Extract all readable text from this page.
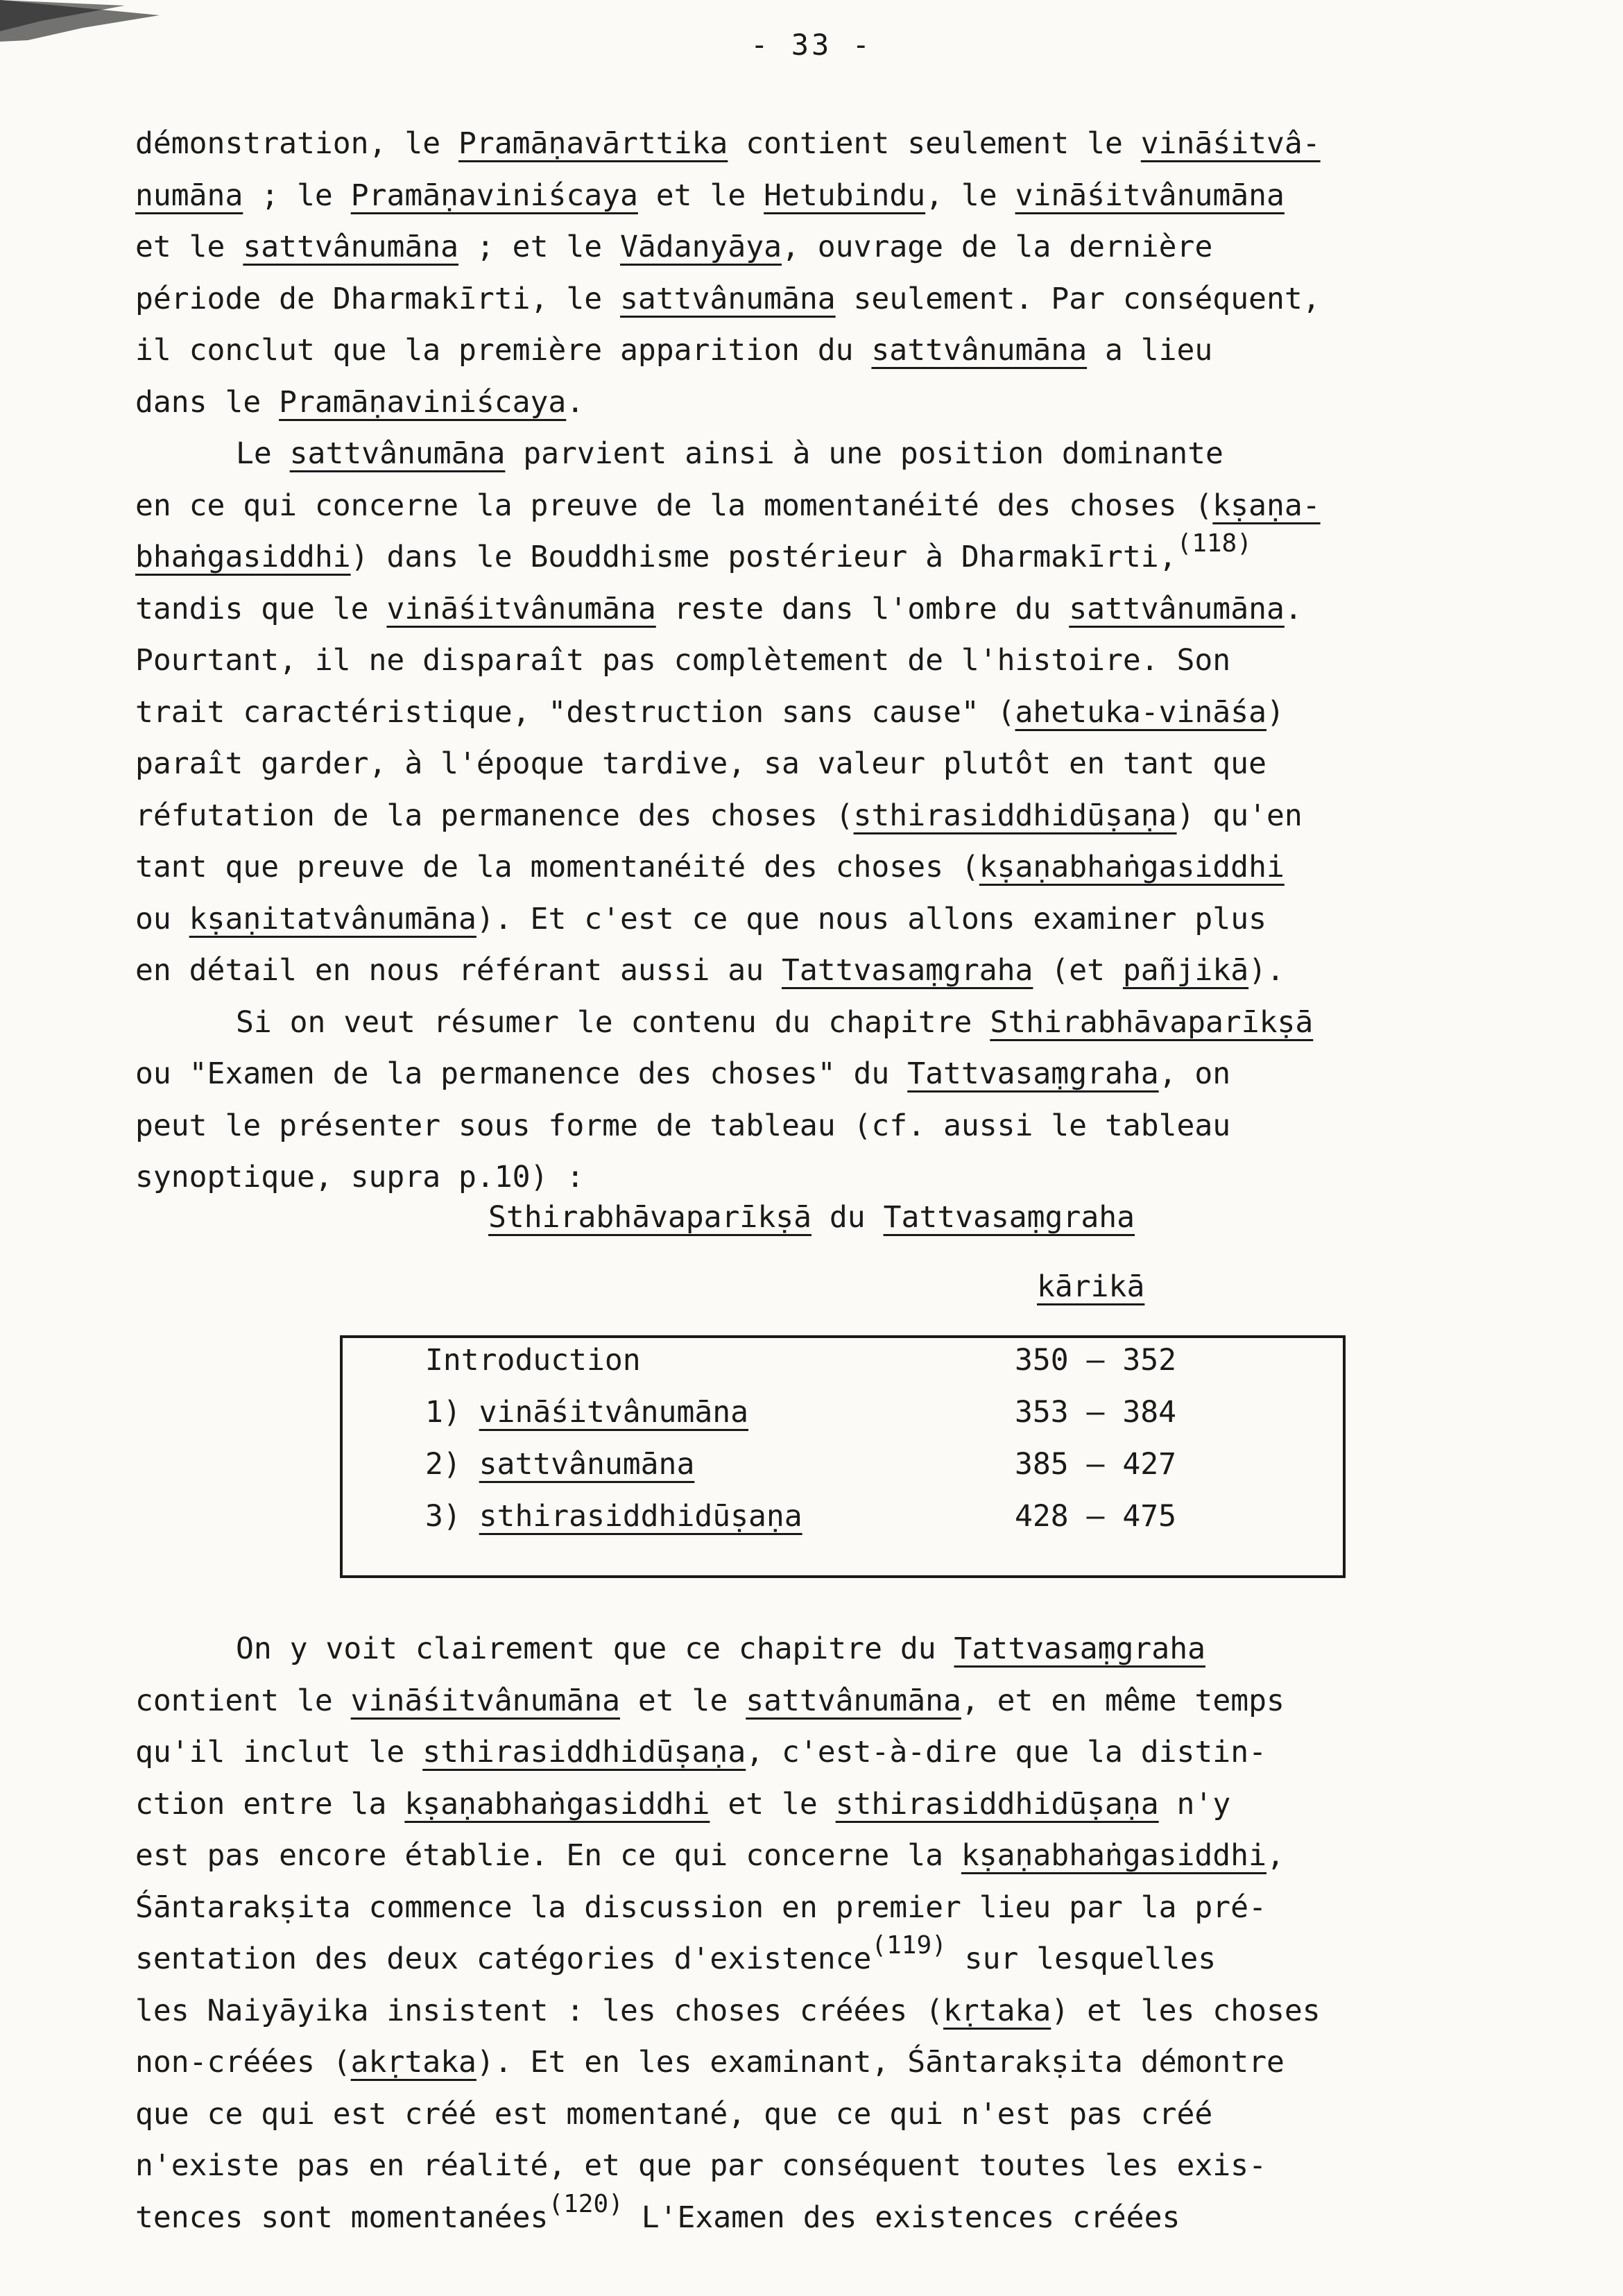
- 33 -
démonstration, le Pramāṇavārttika contient seulement le vināśitvâ-
numāna ; le Pramāṇaviniścaya et le Hetubindu, le vināśitvânumāna
et le sattvânumāna ; et le Vādanyāya, ouvrage de la dernière
période de Dharmakīrti, le sattvânumāna seulement. Par conséquent,
il conclut que la première apparition du sattvânumāna a lieu
dans le Pramāṇaviniścaya.
Le sattvânumāna parvient ainsi à une position dominante
en ce qui concerne la preuve de la momentanéité des choses (kṣaṇa-
bhaṅgasiddhi) dans le Bouddhisme postérieur à Dharmakīrti,$^{(118)}$
tandis que le vināśitvânumāna reste dans l'ombre du sattvânumāna.
Pourtant, il ne disparaît pas complètement de l'histoire. Son
trait caractéristique, "destruction sans cause" (ahetuka-vināśa)
paraît garder, à l'époque tardive, sa valeur plutôt en tant que
réfutation de la permanence des choses (sthirasiddhidūṣaṇa) qu'en
tant que preuve de la momentanéité des choses (kṣaṇabhaṅgasiddhi
ou kṣaṇitatvânumāna). Et c'est ce que nous allons examiner plus
en détail en nous référant aussi au Tattvasaṃgraha (et pañjikā).
Si on veut résumer le contenu du chapitre Sthirabhāvaparīkṣā
ou "Examen de la permanence des choses" du Tattvasaṃgraha, on
peut le présenter sous forme de tableau (cf. aussi le tableau
synoptique, supra p.10) :
Sthirabhāvaparīkṣā du Tattvasaṃgraha
kārikā
Introduction	350 – 352
1) vināśitvânumāna	353 – 384
2) sattvânumāna	385 – 427
3) sthirasiddhidūṣaṇa	428 – 475
On y voit clairement que ce chapitre du Tattvasaṃgraha
contient le vināśitvânumāna et le sattvânumāna, et en même temps
qu'il inclut le sthirasiddhidūṣaṇa, c'est-à-dire que la distin-
ction entre la kṣaṇabhaṅgasiddhi et le sthirasiddhidūṣaṇa n'y
est pas encore établie. En ce qui concerne la kṣaṇabhaṅgasiddhi,
Śāntarakṣita commence la discussion en premier lieu par la pré-
sentation des deux catégories d'existence$^{(119)}$ sur lesquelles
les Naiyāyika insistent : les choses créées (kṛtaka) et les choses
non-créées (akṛtaka). Et en les examinant, Śāntarakṣita démontre
que ce qui est créé est momentané, que ce qui n'est pas créé
n'existe pas en réalité, et que par conséquent toutes les exis-
tences sont momentanées$^{(120)}$ L'Examen des existences créées
